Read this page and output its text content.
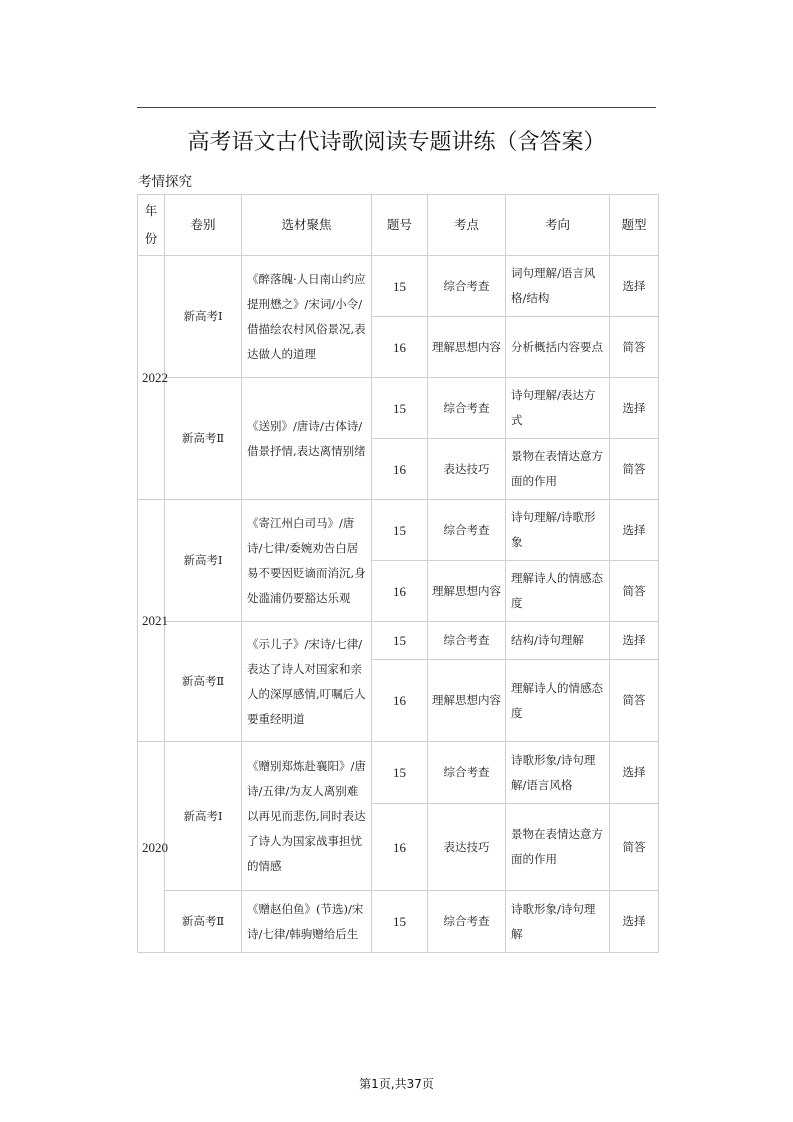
高考语文古代诗歌阅读专题讲练（含答案）
考情探究
年份	卷别	选材聚焦	题号	考点	考向	题型
2022	新高考Ⅰ	《醉落魄·人日南山约应提刑懋之》/宋词/小令/借描绘农村风俗景况,表达做人的道理	15	综合考查	词句理解/语言风格/结构	选择
			16	理解思想内容	分析概括内容要点	简答
	新高考Ⅱ	《送别》/唐诗/古体诗/借景抒情,表达离情别绪	15	综合考查	诗句理解/表达方式	选择
			16	表达技巧	景物在表情达意方面的作用	简答
2021	新高考Ⅰ	《寄江州白司马》/唐诗/七律/委婉劝告白居易不要因贬谪而消沉,身处滥浦仍要豁达乐观	15	综合考查	诗句理解/诗歌形象	选择
			16	理解思想内容	理解诗人的情感态度	简答
	新高考Ⅱ	《示儿子》/宋诗/七律/表达了诗人对国家和亲人的深厚感情,叮嘱后人要重经明道	15	综合考查	结构/诗句理解	选择
			16	理解思想内容	理解诗人的情感态度	简答
2020	新高考Ⅰ	《赠别郑炼赴襄阳》/唐诗/五律/为友人离别难以再见而悲伤,同时表达了诗人为国家战事担忧的情感	15	综合考查	诗歌形象/诗句理解/语言风格	选择
			16	表达技巧	景物在表情达意方面的作用	简答
	新高考Ⅱ	《赠赵伯鱼》(节选)/宋诗/七律/韩驹赠给后生	15	综合考查	诗歌形象/诗句理解	选择
第1页,共37页
